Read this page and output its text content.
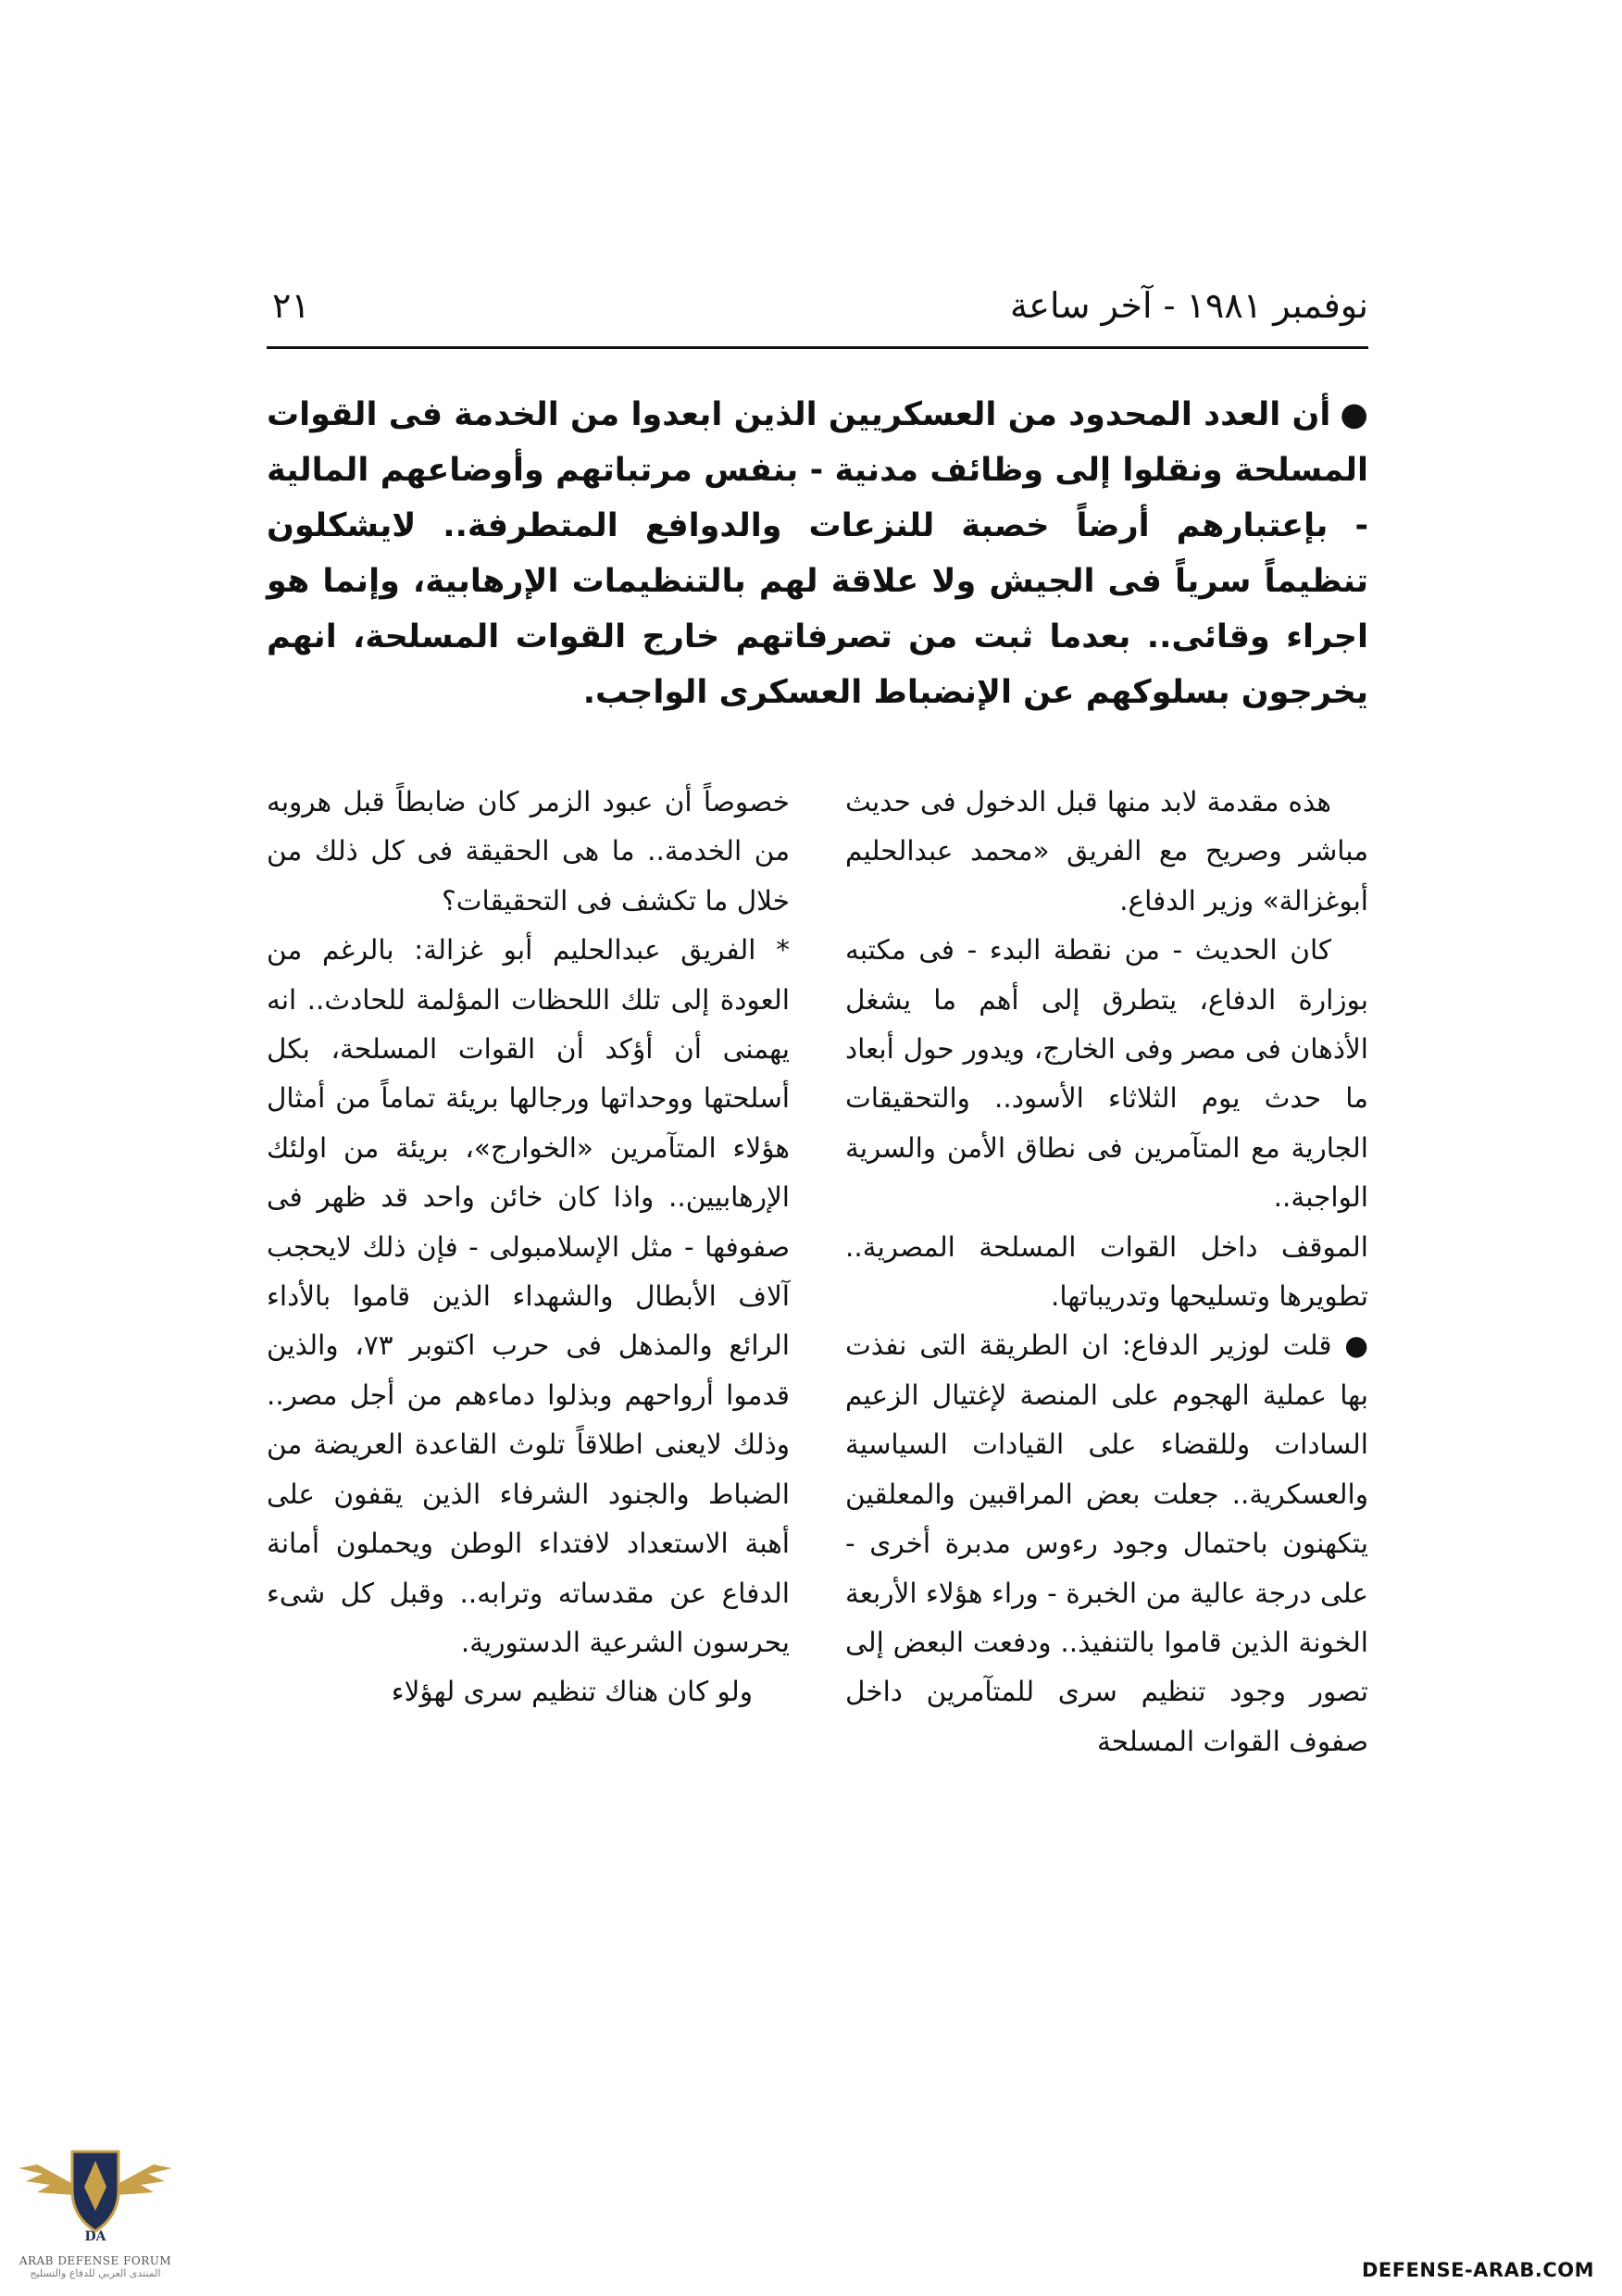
نوفمبر ١٩٨١ - آخر ساعة
٢١

●أن العدد المحدود من العسكريين الذين ابعدوا من الخدمة فى القوات المسلحة ونقلوا إلى وظائف مدنية - بنفس مرتباتهم وأوضاعهم المالية - بإعتبارهم أرضاً خصبة للنزعات والدوافع المتطرفة.. لايشكلون تنظيماً سرياً فى الجيش ولا علاقة لهم بالتنظيمات الإرهابية، وإنما هو اجراء وقائى.. بعدما ثبت من تصرفاتهم خارج القوات المسلحة، انهم يخرجون بسلوكهم عن الإنضباط العسكرى الواجب.

هذه مقدمة لابد منها قبل الدخول فى حديث مباشر وصريح مع الفريق «محمد عبدالحليم أبوغزالة» وزير الدفاع.

كان الحديث - من نقطة البدء - فى مكتبه بوزارة الدفاع، يتطرق إلى أهم ما يشغل الأذهان فى مصر وفى الخارج، ويدور حول أبعاد ما حدث يوم الثلاثاء الأسود.. والتحقيقات الجارية مع المتآمرين فى نطاق الأمن والسرية الواجبة..

الموقف داخل القوات المسلحة المصرية.. تطويرها وتسليحها وتدريباتها.

● قلت لوزير الدفاع: ان الطريقة التى نفذت بها عملية الهجوم على المنصة لإغتيال الزعيم السادات وللقضاء على القيادات السياسية والعسكرية.. جعلت بعض المراقبين والمعلقين يتكهنون باحتمال وجود رءوس مدبرة أخرى - على درجة عالية من الخبرة - وراء هؤلاء الأربعة الخونة الذين قاموا بالتنفيذ.. ودفعت البعض إلى تصور وجود تنظيم سرى للمتآمرين داخل صفوف القوات المسلحة

خصوصاً أن عبود الزمر كان ضابطاً قبل هروبه من الخدمة.. ما هى الحقيقة فى كل ذلك من خلال ما تكشف فى التحقيقات؟

* الفريق عبدالحليم أبو غزالة: بالرغم من العودة إلى تلك اللحظات المؤلمة للحادث.. انه يهمنى أن أؤكد أن القوات المسلحة، بكل أسلحتها ووحداتها ورجالها بريئة تماماً من أمثال هؤلاء المتآمرين «الخوارج»، بريئة من اولئك الإرهابيين.. واذا كان خائن واحد قد ظهر فى صفوفها - مثل الإسلامبولى - فإن ذلك لايحجب آلاف الأبطال والشهداء الذين قاموا بالأداء الرائع والمذهل فى حرب اكتوبر ٧٣، والذين قدموا أرواحهم وبذلوا دماءهم من أجل مصر.. وذلك لايعنى اطلاقاً تلوث القاعدة العريضة من الضباط والجنود الشرفاء الذين يقفون على أهبة الاستعداد لافتداء الوطن ويحملون أمانة الدفاع عن مقدساته وترابه.. وقبل كل شىء يحرسون الشرعية الدستورية.

ولو كان هناك تنظيم سرى لهؤلاء

DA
ARAB DEFENSE FORUM
المنتدى العربي للدفاع والتسليح	DEFENSE-ARAB.COM
